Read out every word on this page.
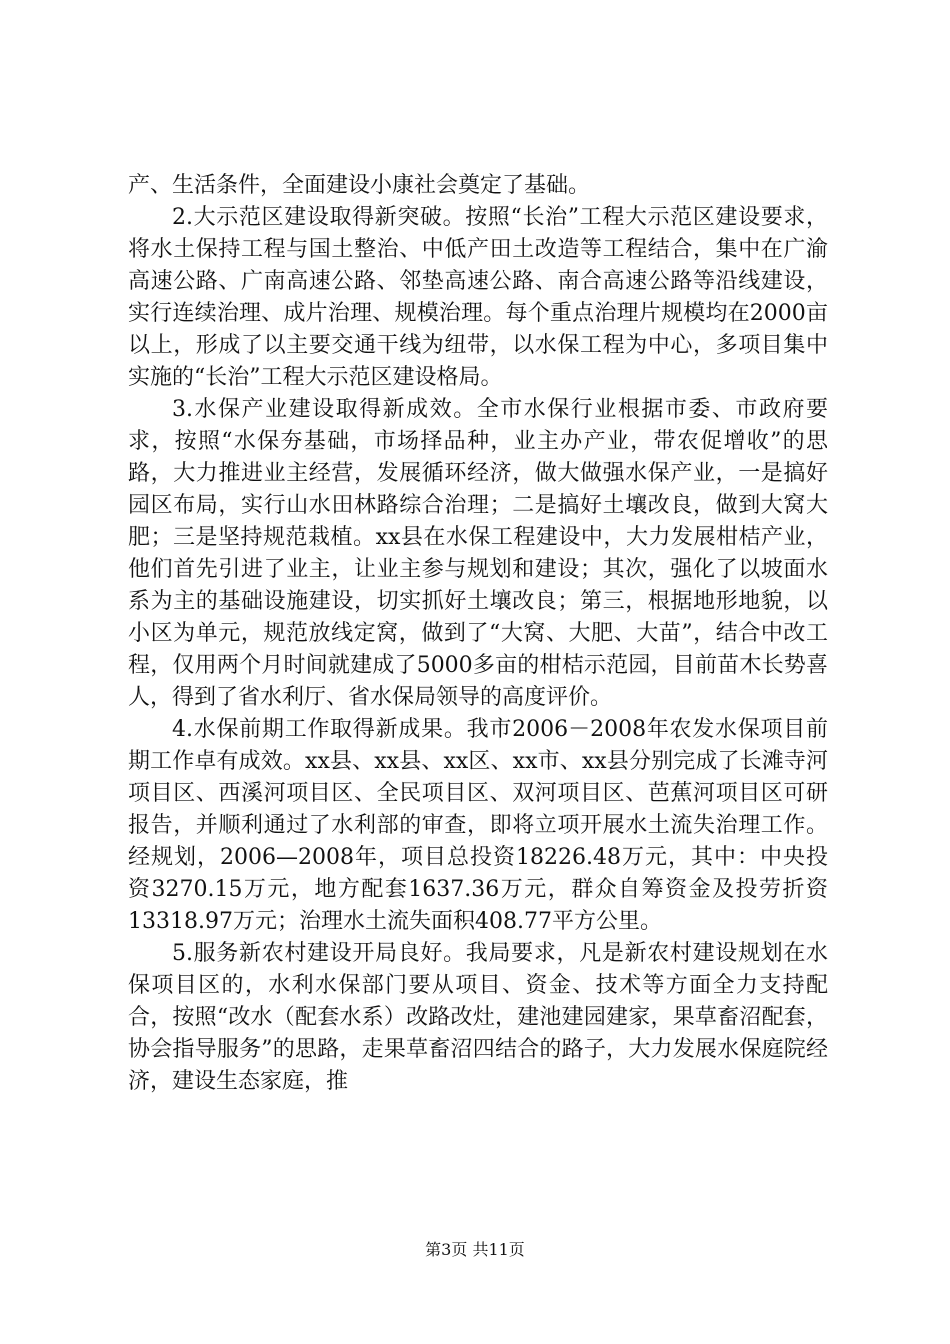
产、生活条件，全面建设小康社会奠定了基础。

2.大示范区建设取得新突破。按照“长治”工程大示范区建设要求，将水土保持工程与国土整治、中低产田土改造等工程结合，集中在广渝高速公路、广南高速公路、邻垫高速公路、南合高速公路等沿线建设，实行连续治理、成片治理、规模治理。每个重点治理片规模均在2000亩以上，形成了以主要交通干线为纽带，以水保工程为中心，多项目集中实施的“长治”工程大示范区建设格局。

3.水保产业建设取得新成效。全市水保行业根据市委、市政府要求，按照“水保夯基础，市场择品种，业主办产业，带农促增收”的思路，大力推进业主经营，发展循环经济，做大做强水保产业，一是搞好园区布局，实行山水田林路综合治理；二是搞好土壤改良，做到大窝大肥；三是坚持规范栽植。xx县在水保工程建设中，大力发展柑桔产业，他们首先引进了业主，让业主参与规划和建设；其次，强化了以坡面水系为主的基础设施建设，切实抓好土壤改良；第三，根据地形地貌，以小区为单元，规范放线定窝，做到了“大窝、大肥、大苗”，结合中改工程，仅用两个月时间就建成了5000多亩的柑桔示范园，目前苗木长势喜人，得到了省水利厅、省水保局领导的高度评价。

4.水保前期工作取得新成果。我市2006－2008年农发水保项目前期工作卓有成效。xx县、xx县、xx区、xx市、xx县分别完成了长滩寺河项目区、西溪河项目区、全民项目区、双河项目区、芭蕉河项目区可研报告，并顺利通过了水利部的审查，即将立项开展水土流失治理工作。经规划，2006—2008年，项目总投资18226.48万元，其中：中央投资3270.15万元，地方配套1637.36万元，群众自筹资金及投劳折资13318.97万元；治理水土流失面积408.77平方公里。

5.服务新农村建设开局良好。我局要求，凡是新农村建设规划在水保项目区的，水利水保部门要从项目、资金、技术等方面全力支持配合，按照“改水（配套水系）改路改灶，建池建园建家，果草畜沼配套，协会指导服务”的思路，走果草畜沼四结合的路子，大力发展水保庭院经济，建设生态家庭，推

第3页 共11页
